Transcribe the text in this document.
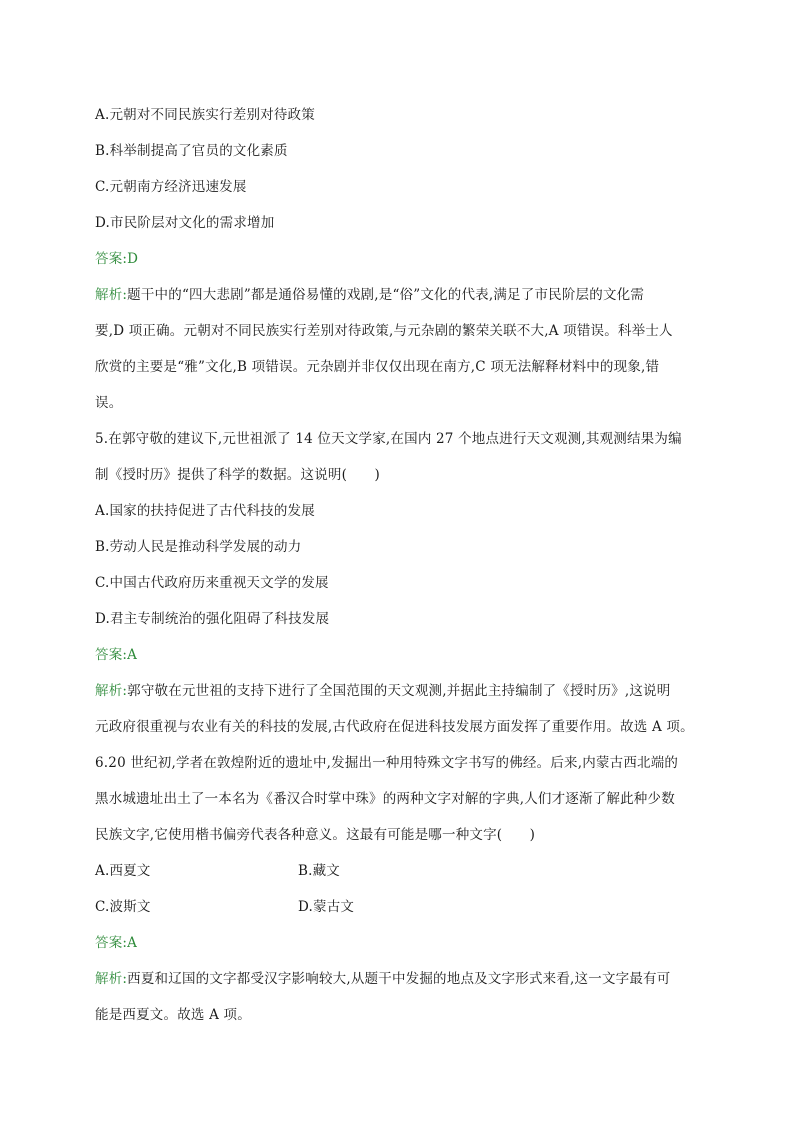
A.元朝对不同民族实行差别对待政策
B.科举制提高了官员的文化素质
C.元朝南方经济迅速发展
D.市民阶层对文化的需求增加
答案:D
解析:题干中的“四大悲剧”都是通俗易懂的戏剧,是“俗”文化的代表,满足了市民阶层的文化需
要,D 项正确。元朝对不同民族实行差别对待政策,与元杂剧的繁荣关联不大,A 项错误。科举士人
欣赏的主要是“雅”文化,B 项错误。元杂剧并非仅仅出现在南方,C 项无法解释材料中的现象,错
误。
5.在郭守敬的建议下,元世祖派了 14 位天文学家,在国内 27 个地点进行天文观测,其观测结果为编
制《授时历》提供了科学的数据。这说明(　　)
A.国家的扶持促进了古代科技的发展
B.劳动人民是推动科学发展的动力
C.中国古代政府历来重视天文学的发展
D.君主专制统治的强化阻碍了科技发展
答案:A
解析:郭守敬在元世祖的支持下进行了全国范围的天文观测,并据此主持编制了《授时历》,这说明
元政府很重视与农业有关的科技的发展,古代政府在促进科技发展方面发挥了重要作用。故选 A 项。
6.20 世纪初,学者在敦煌附近的遗址中,发掘出一种用特殊文字书写的佛经。后来,内蒙古西北端的
黑水城遗址出土了一本名为《番汉合时掌中珠》的两种文字对解的字典,人们才逐渐了解此种少数
民族文字,它使用楷书偏旁代表各种意义。这最有可能是哪一种文字(　　)
A.西夏文	B.藏文
C.波斯文	D.蒙古文
答案:A
解析:西夏和辽国的文字都受汉字影响较大,从题干中发掘的地点及文字形式来看,这一文字最有可
能是西夏文。故选 A 项。
